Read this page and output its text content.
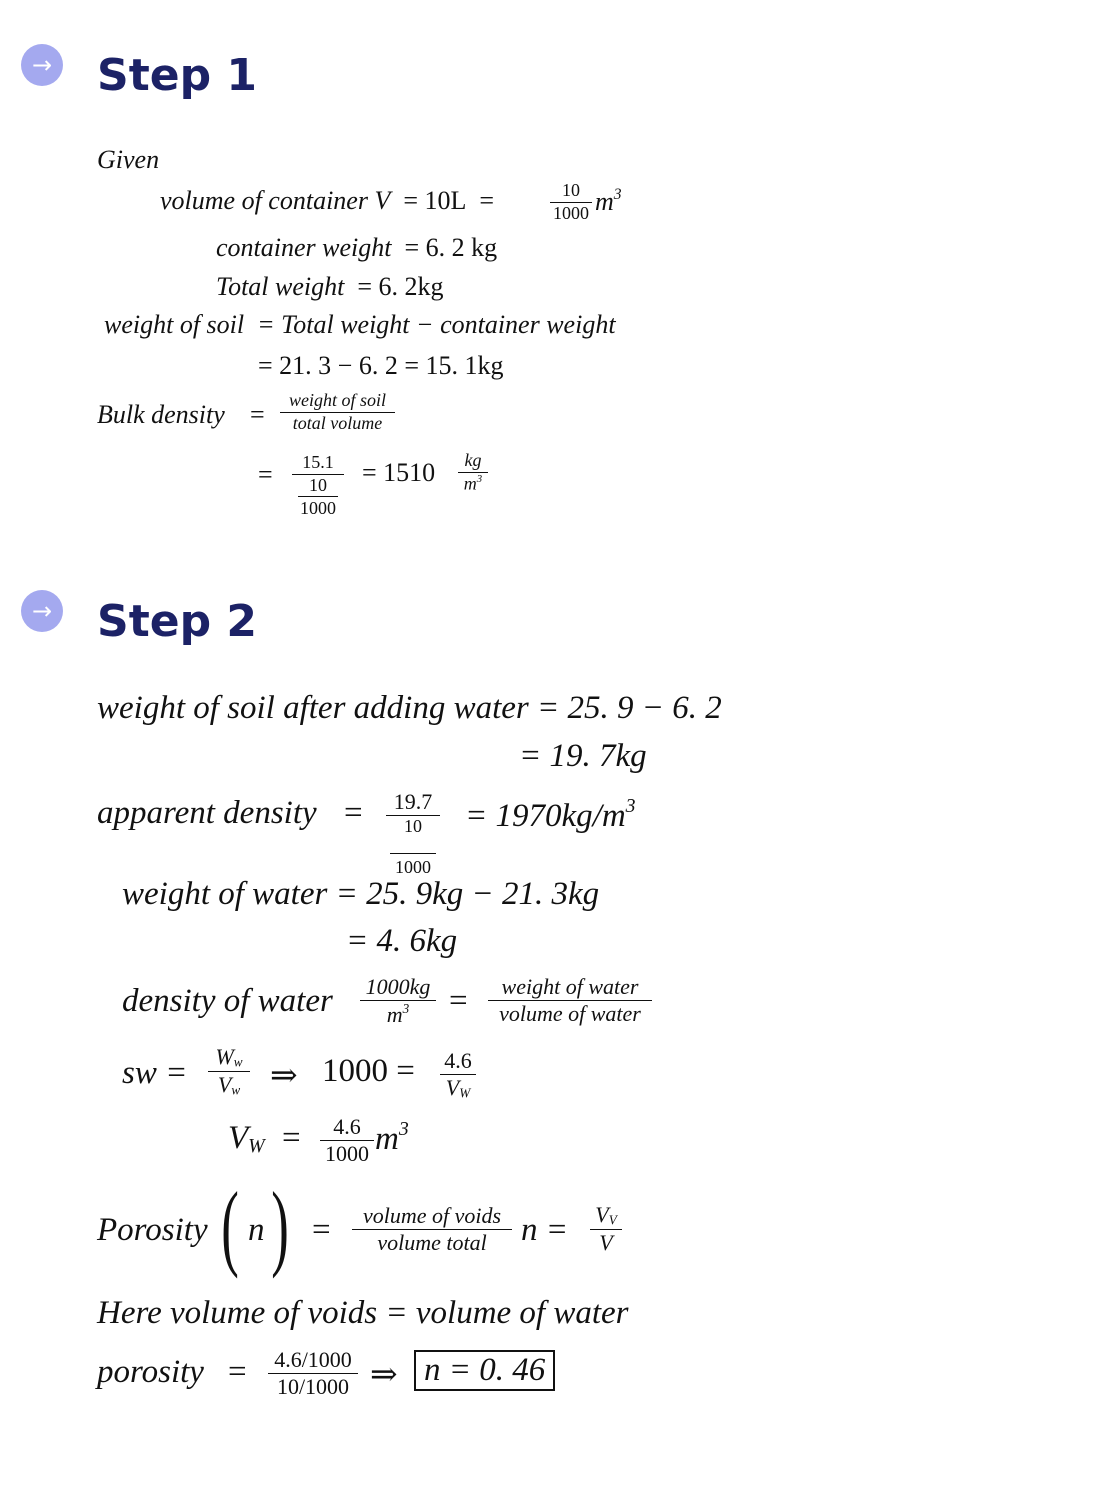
→ Step 1
Given
volume of container V = 10L =	10
1000 $m^3$
container weight = 6. 2 kg
Total weight = 6. 2kg
weight of soil = Total weight − container weight
= 21. 3 − 6. 2 = 15. 1kg
Bulk density =	weight of soil
total volume
=	15.1
10
1000
= 1510	kg
$m^3$
→ Step 2
weight of soil after adding water = 25. 9 − 6. 2
= 19. 7kg
apparent density =	19.7
10
1000
= $1970kg/m^3$
weight of water = 25. 9kg − 21. 3kg
= 4. 6kg
density of water 1000kg
$m^3$	=	weight of water
volume of water
sw =	$W_w$
$V_w$ ⇒ 1000 = 4.6
$V_W$
$V_W$ =	4.6
1000 $m^3$
Porosity ( n ) =	volume of voids
volume total	$n = V_V$
V
Here volume of voids = volume of water
porosity = 4.6/1000
10/1000 ⇒ n = 0. 46
